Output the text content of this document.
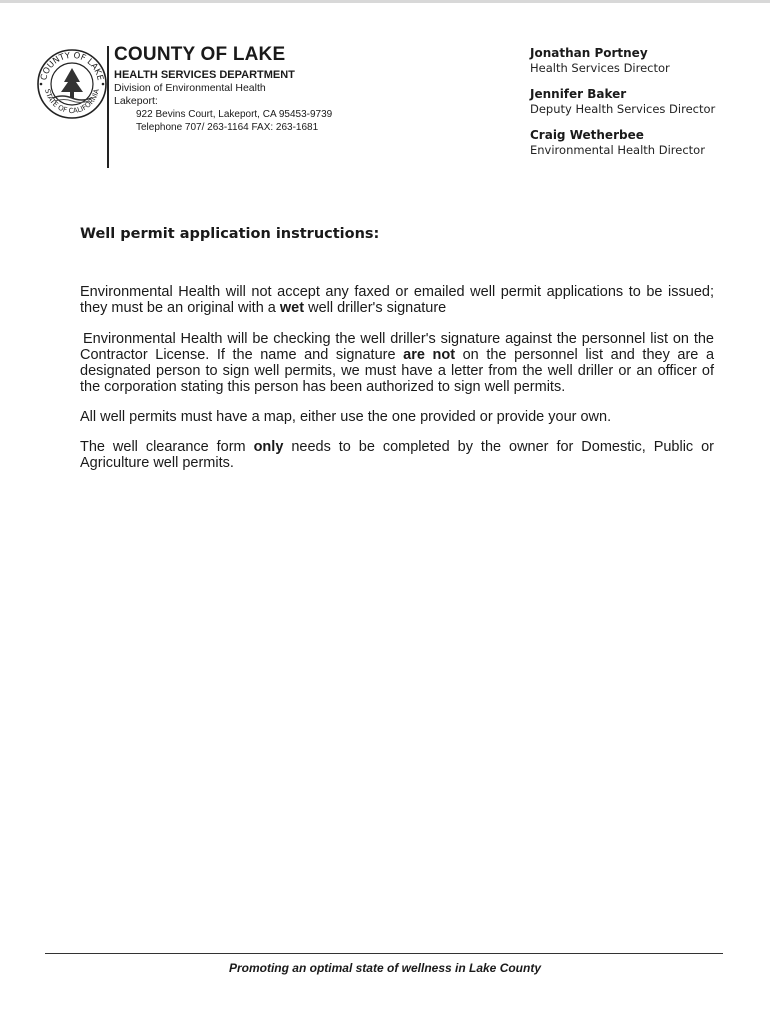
COUNTY OF LAKE
STATE OF CALIFORNIA
COUNTY OF LAKE
HEALTH SERVICES DEPARTMENT
Division of Environmental Health
Lakeport:
922 Bevins Court, Lakeport, CA 95453-9739
Telephone 707/ 263-1164 FAX: 263-1681
Jonathan Portney
Health Services Director
Jennifer Baker
Deputy Health Services Director
Craig Wetherbee
Environmental Health Director
Well permit application instructions:

Environmental Health will not accept any faxed or emailed well permit applications to be issued; they must be an original with a wet well driller's signature

Environmental Health will be checking the well driller's signature against the personnel list on the Contractor License. If the name and signature are not on the personnel list and they are a designated person to sign well permits, we must have a letter from the well driller or an officer of the corporation stating this person has been authorized to sign well permits.

All well permits must have a map, either use the one provided or provide your own.

The well clearance form only needs to be completed by the owner for Domestic, Public or Agriculture well permits.

Promoting an optimal state of wellness in Lake County
